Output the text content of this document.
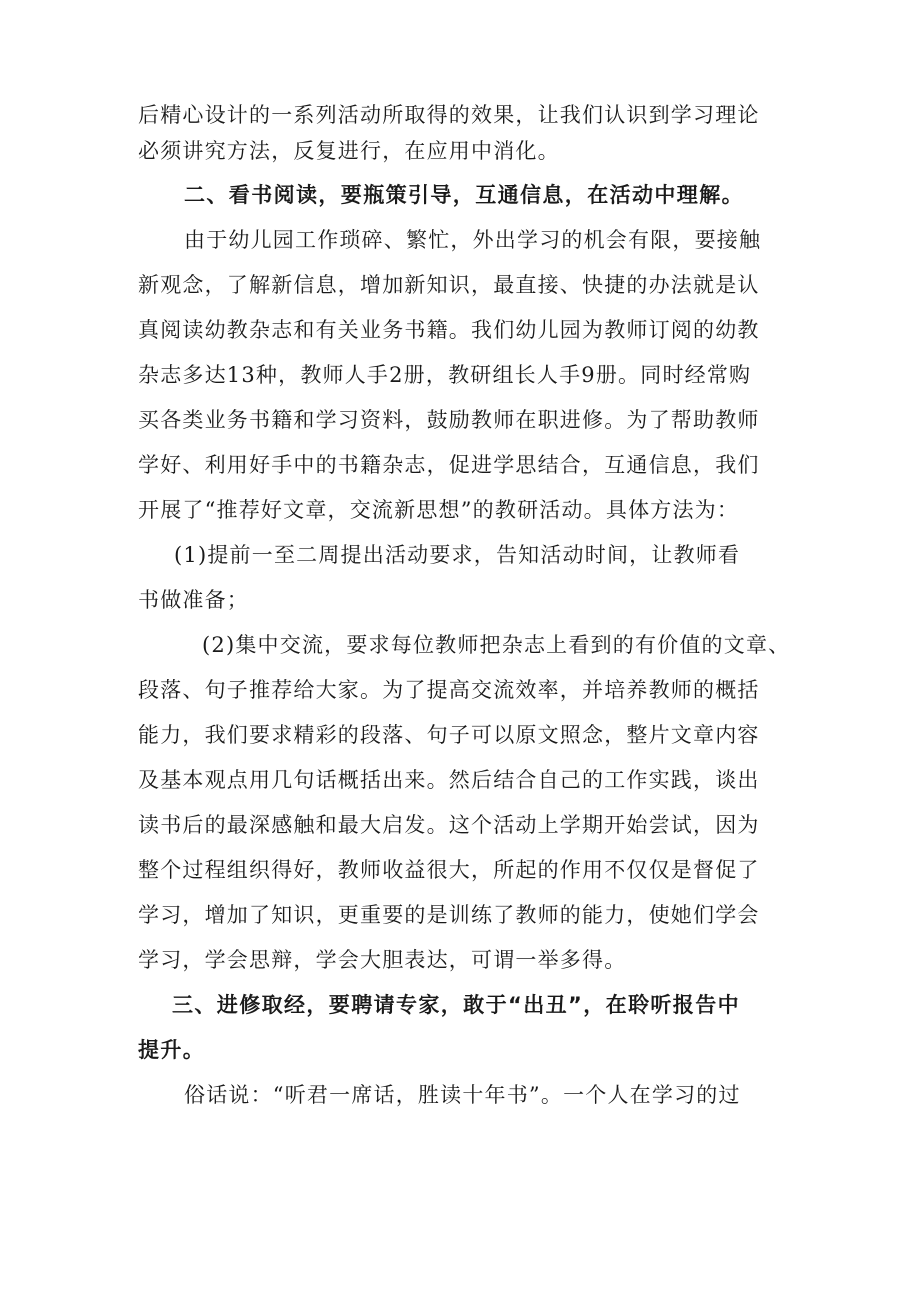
后精心设计的一系列活动所取得的效果，让我们认识到学习理论
必须讲究方法，反复进行，在应用中消化。
二、看书阅读，要瓶策引导，互通信息，在活动中理解。
由于幼儿园工作琐碎、繁忙，外出学习的机会有限，要接触
新观念，了解新信息，增加新知识，最直接、快捷的办法就是认
真阅读幼教杂志和有关业务书籍。我们幼儿园为教师订阅的幼教
杂志多达13种，教师人手2册，教研组长人手9册。同时经常购
买各类业务书籍和学习资料，鼓励教师在职进修。为了帮助教师
学好、利用好手中的书籍杂志，促进学思结合，互通信息，我们
开展了“推荐好文章，交流新思想”的教研活动。具体方法为：
(1)提前一至二周提出活动要求，告知活动时间，让教师看
书做准备；
(2)集中交流，要求每位教师把杂志上看到的有价值的文章、
段落、句子推荐给大家。为了提高交流效率，并培养教师的概括
能力，我们要求精彩的段落、句子可以原文照念，整片文章内容
及基本观点用几句话概括出来。然后结合自己的工作实践，谈出
读书后的最深感触和最大启发。这个活动上学期开始尝试，因为
整个过程组织得好，教师收益很大，所起的作用不仅仅是督促了
学习，增加了知识，更重要的是训练了教师的能力，使她们学会
学习，学会思辩，学会大胆表达，可谓一举多得。
三、进修取经，要聘请专家，敢于“出丑”，在聆听报告中
提升。
俗话说：“听君一席话，胜读十年书”。一个人在学习的过
